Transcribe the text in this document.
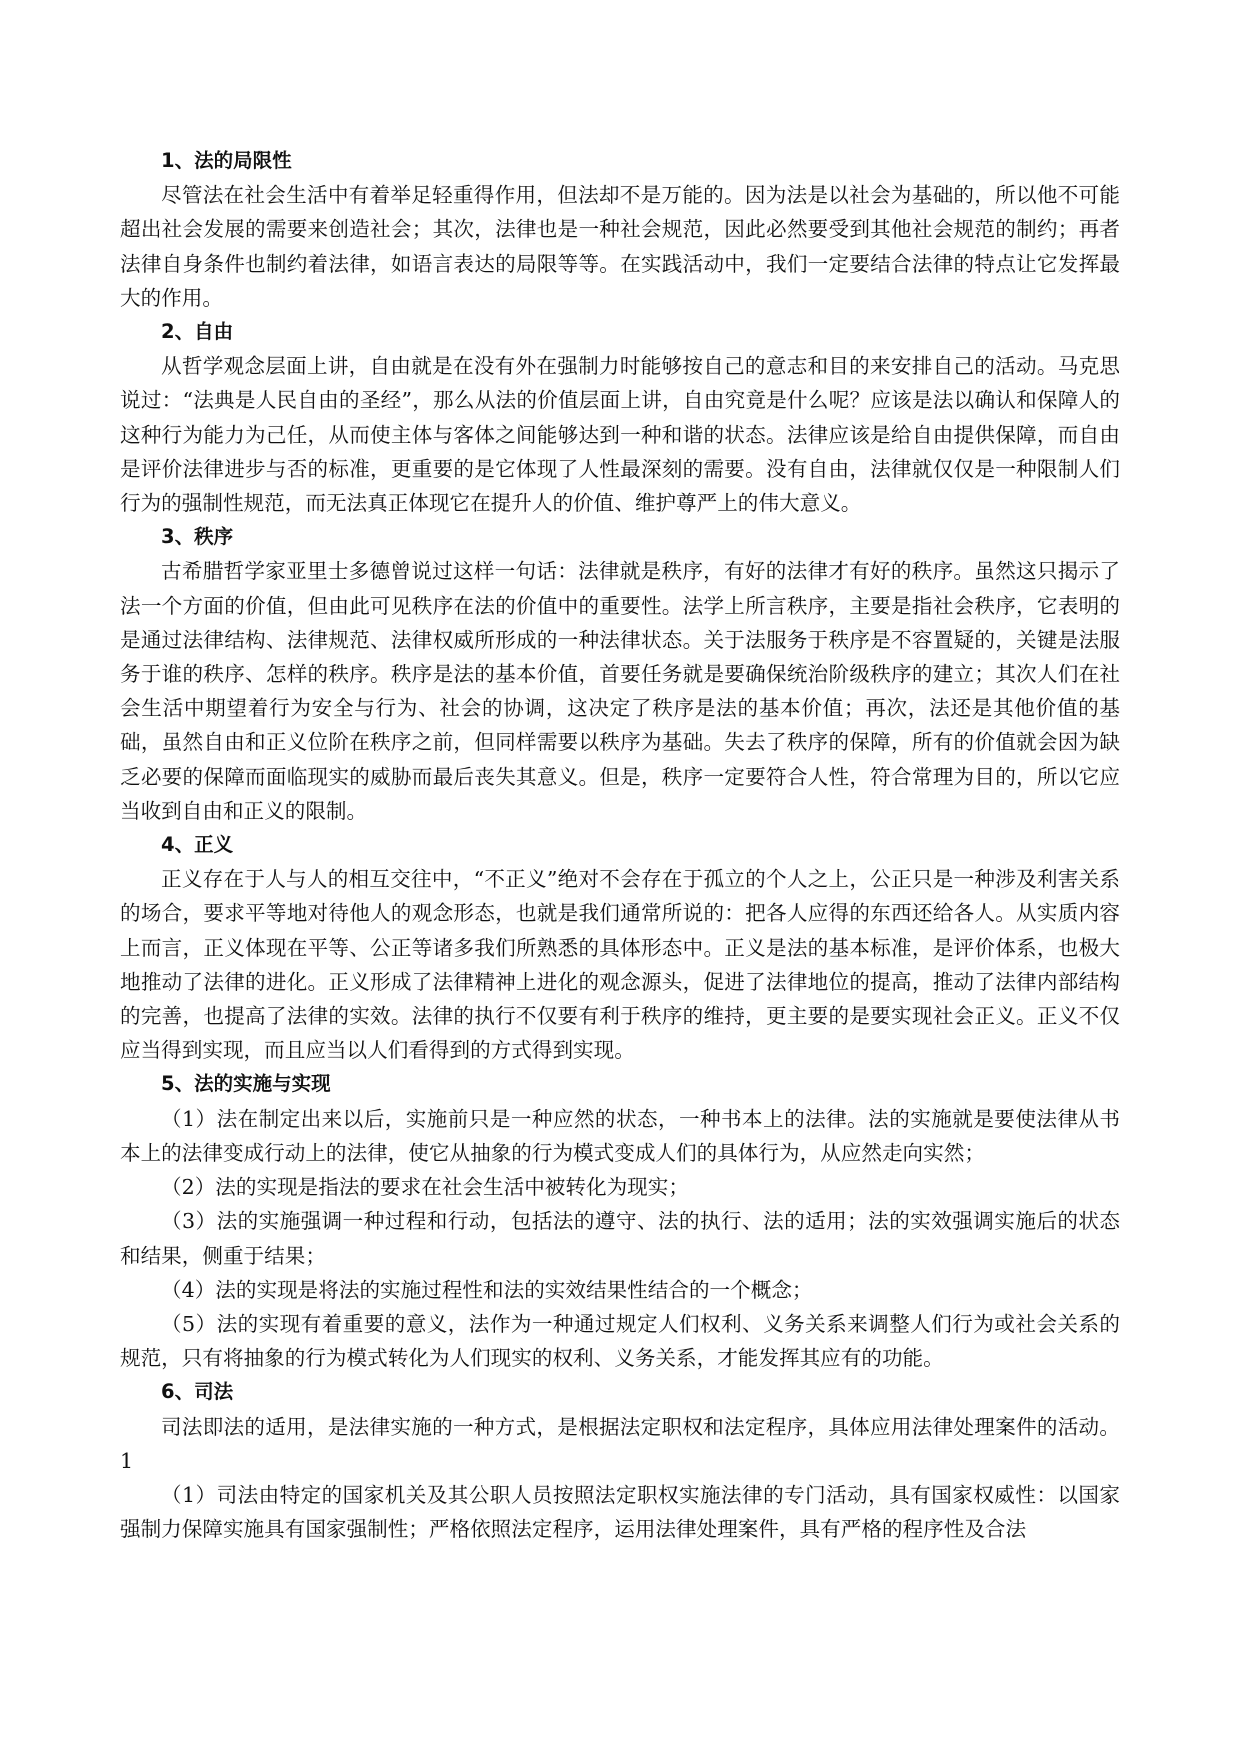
1、法的局限性

尽管法在社会生活中有着举足轻重得作用，但法却不是万能的。因为法是以社会为基础的，所以他不可能超出社会发展的需要来创造社会；其次，法律也是一种社会规范，因此必然要受到其他社会规范的制约；再者法律自身条件也制约着法律，如语言表达的局限等等。在实践活动中，我们一定要结合法律的特点让它发挥最大的作用。

2、自由

从哲学观念层面上讲，自由就是在没有外在强制力时能够按自己的意志和目的来安排自己的活动。马克思说过：“法典是人民自由的圣经”，那么从法的价值层面上讲，自由究竟是什么呢？应该是法以确认和保障人的这种行为能力为己任，从而使主体与客体之间能够达到一种和谐的状态。法律应该是给自由提供保障，而自由是评价法律进步与否的标准，更重要的是它体现了人性最深刻的需要。没有自由，法律就仅仅是一种限制人们行为的强制性规范，而无法真正体现它在提升人的价值、维护尊严上的伟大意义。

3、秩序

古希腊哲学家亚里士多德曾说过这样一句话：法律就是秩序，有好的法律才有好的秩序。虽然这只揭示了法一个方面的价值，但由此可见秩序在法的价值中的重要性。法学上所言秩序，主要是指社会秩序，它表明的是通过法律结构、法律规范、法律权威所形成的一种法律状态。关于法服务于秩序是不容置疑的，关键是法服务于谁的秩序、怎样的秩序。秩序是法的基本价值，首要任务就是要确保统治阶级秩序的建立；其次人们在社会生活中期望着行为安全与行为、社会的协调，这决定了秩序是法的基本价值；再次，法还是其他价值的基础，虽然自由和正义位阶在秩序之前，但同样需要以秩序为基础。失去了秩序的保障，所有的价值就会因为缺乏必要的保障而面临现实的威胁而最后丧失其意义。但是，秩序一定要符合人性，符合常理为目的，所以它应当收到自由和正义的限制。

4、正义

正义存在于人与人的相互交往中，“不正义”绝对不会存在于孤立的个人之上，公正只是一种涉及利害关系的场合，要求平等地对待他人的观念形态，也就是我们通常所说的：把各人应得的东西还给各人。从实质内容上而言，正义体现在平等、公正等诸多我们所熟悉的具体形态中。正义是法的基本标准，是评价体系，也极大地推动了法律的进化。正义形成了法律精神上进化的观念源头，促进了法律地位的提高，推动了法律内部结构的完善，也提高了法律的实效。法律的执行不仅要有利于秩序的维持，更主要的是要实现社会正义。正义不仅应当得到实现，而且应当以人们看得到的方式得到实现。

5、法的实施与实现

（1）法在制定出来以后，实施前只是一种应然的状态，一种书本上的法律。法的实施就是要使法律从书本上的法律变成行动上的法律，使它从抽象的行为模式变成人们的具体行为，从应然走向实然；

（2）法的实现是指法的要求在社会生活中被转化为现实；

（3）法的实施强调一种过程和行动，包括法的遵守、法的执行、法的适用；法的实效强调实施后的状态和结果，侧重于结果；

（4）法的实现是将法的实施过程性和法的实效结果性结合的一个概念；

（5）法的实现有着重要的意义，法作为一种通过规定人们权利、义务关系来调整人们行为或社会关系的规范，只有将抽象的行为模式转化为人们现实的权利、义务关系，才能发挥其应有的功能。

6、司法

司法即法的适用，是法律实施的一种方式，是根据法定职权和法定程序，具体应用法律处理案件的活动。1

（1）司法由特定的国家机关及其公职人员按照法定职权实施法律的专门活动，具有国家权威性：以国家强制力保障实施具有国家强制性；严格依照法定程序，运用法律处理案件，具有严格的程序性及合法
